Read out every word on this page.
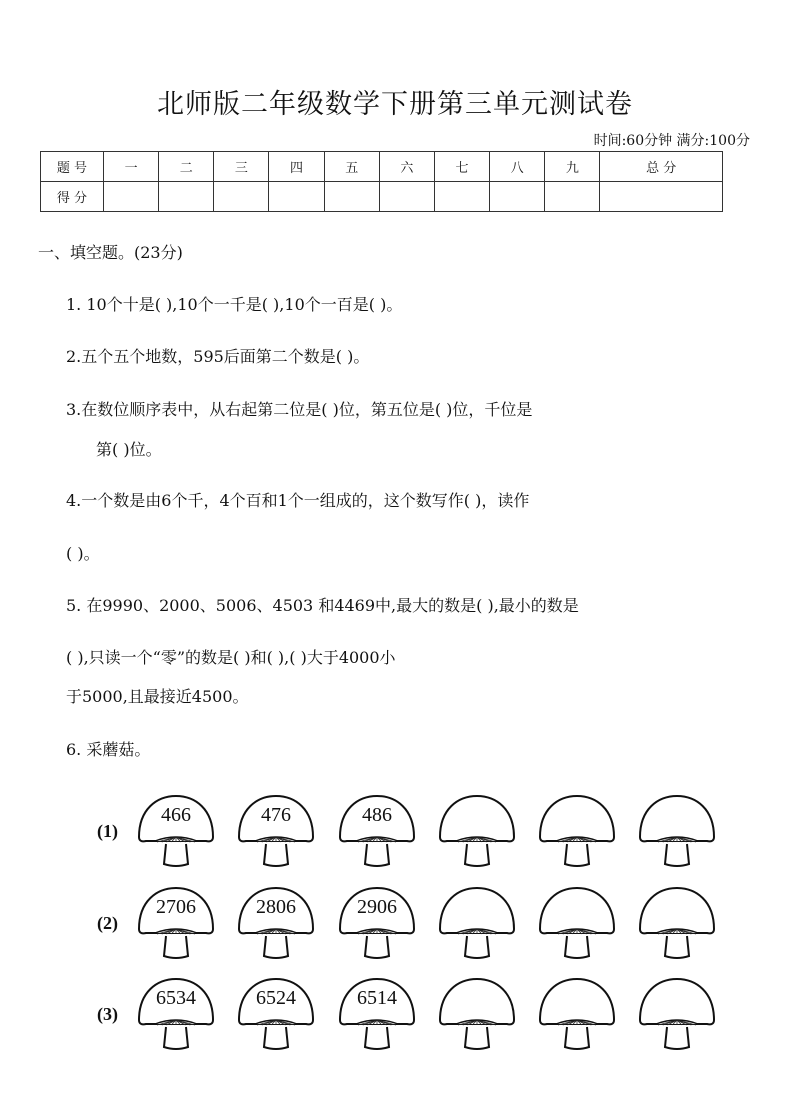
北师版二年级数学下册第三单元测试卷
时间:60分钟 满分:100分
题 号	一	二	三	四	五	六	七	八	九	总 分
得 分										
一、填空题。(23分)
1. 10个十是( ),10个一千是( ),10个一百是( )。
2.五个五个地数，595后面第二个数是( )。
3.在数位顺序表中，从右起第二位是( )位，第五位是( )位，千位是
第( )位。
4.一个数是由6个千，4个百和1个一组成的，这个数写作( )，读作
( )。
5. 在9990、2000、5006、4503 和4469中,最大的数是( ),最小的数是
( ),只读一个“零”的数是( )和( ),( )大于4000小
于5000,且最接近4500。
6. 采蘑菇。
(1)
466	476	486
(2)
2706	2806	2906
(3)
6534	6524	6514
